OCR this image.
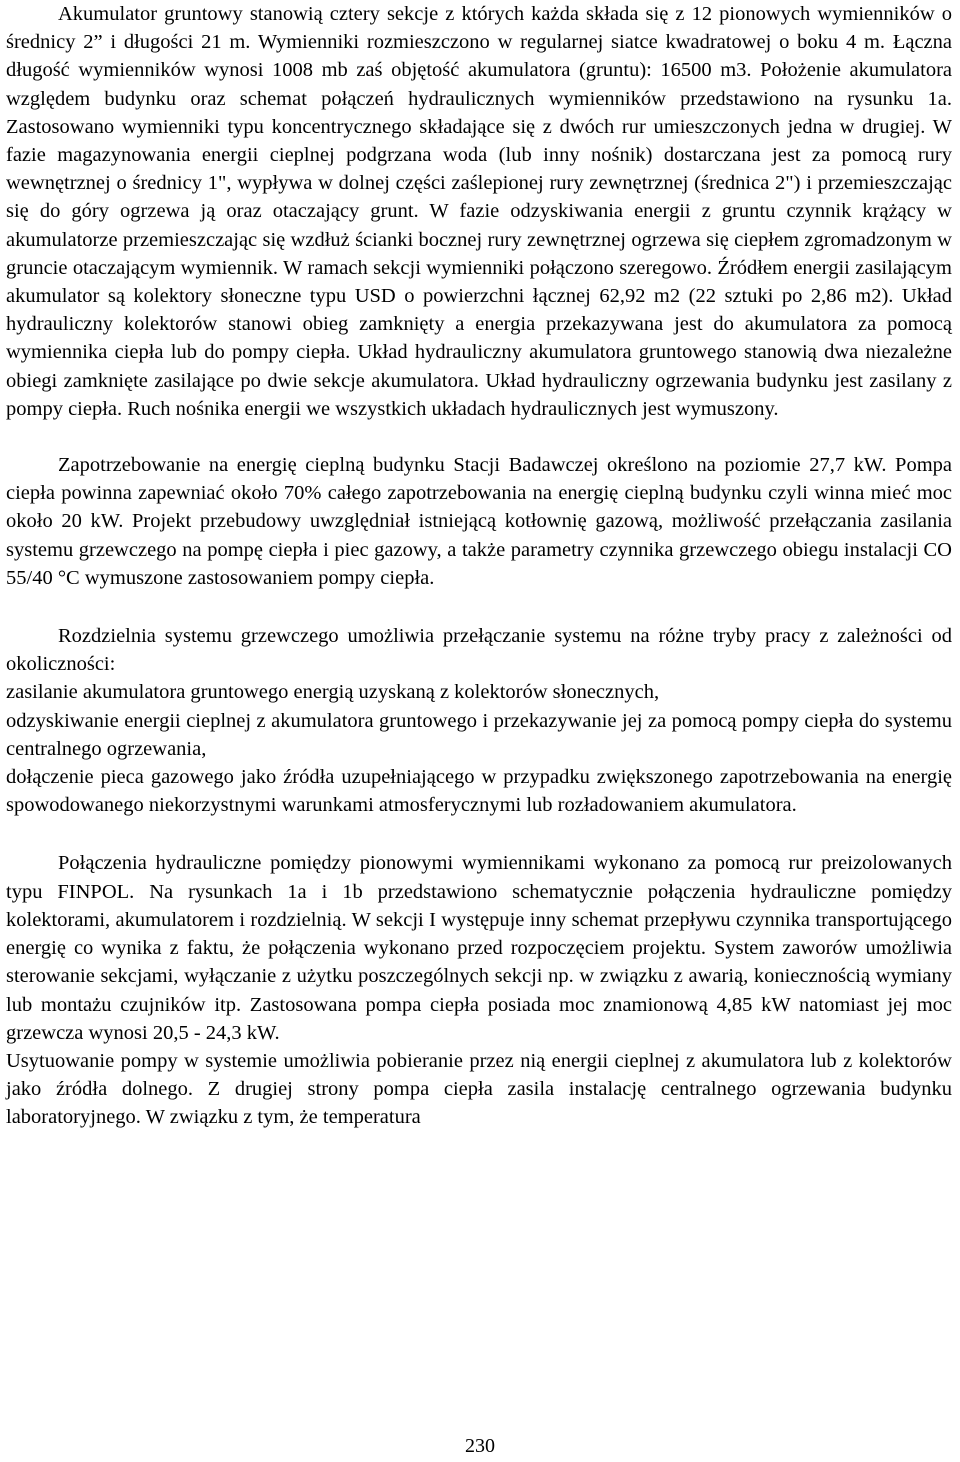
Akumulator gruntowy stanowią cztery sekcje z których każda składa się z 12 pionowych wymienników o średnicy 2” i długości 21 m. Wymienniki rozmieszczono w regularnej siatce kwadratowej o boku 4 m. Łączna długość wymienników wynosi 1008 mb zaś objętość akumulatora (gruntu): 16500 m3. Położenie akumulatora względem budynku oraz schemat połączeń hydraulicznych wymienników przedstawiono na rysunku 1a. Zastosowano wymienniki typu koncentrycznego składające się z dwóch rur umieszczonych jedna w drugiej. W fazie magazynowania energii cieplnej podgrzana woda (lub inny nośnik) dostarczana jest za pomocą rury wewnętrznej o średnicy 1", wypływa w dolnej części zaślepionej rury zewnętrznej (średnica 2") i przemieszczając się do góry ogrzewa ją oraz otaczający grunt. W fazie odzyskiwania energii z gruntu czynnik krążący w akumulatorze przemieszczając się wzdłuż ścianki bocznej rury zewnętrznej ogrzewa się ciepłem zgromadzonym w gruncie otaczającym wymiennik. W ramach sekcji wymienniki połączono szeregowo. Źródłem energii zasilającym akumulator są kolektory słoneczne typu USD o powierzchni łącznej 62,92 m2 (22 sztuki po 2,86 m2). Układ hydrauliczny kolektorów stanowi obieg zamknięty a energia przekazywana jest do akumulatora za pomocą wymiennika ciepła lub do pompy ciepła. Układ hydrauliczny akumulatora gruntowego stanowią dwa niezależne obiegi zamknięte zasilające po dwie sekcje akumulatora. Układ hydrauliczny ogrzewania budynku jest zasilany z pompy ciepła. Ruch nośnika energii we wszystkich układach hydraulicznych jest wymuszony.

Zapotrzebowanie na energię cieplną budynku Stacji Badawczej określono na poziomie 27,7 kW. Pompa ciepła powinna zapewniać około 70% całego zapotrzebowania na energię cieplną budynku czyli winna mieć moc około 20 kW. Projekt przebudowy uwzględniał istniejącą kotłownię gazową, możliwość przełączania zasilania systemu grzewczego na pompę ciepła i piec gazowy, a także parametry czynnika grzewczego obiegu instalacji CO 55/40 °C wymuszone zastosowaniem pompy ciepła.

Rozdzielnia systemu grzewczego umożliwia przełączanie systemu na różne tryby pracy z zależności od okoliczności:

zasilanie akumulatora gruntowego energią uzyskaną z kolektorów słonecznych,

odzyskiwanie energii cieplnej z akumulatora gruntowego i przekazywanie jej za pomocą pompy ciepła do systemu centralnego ogrzewania,

dołączenie pieca gazowego jako źródła uzupełniającego w przypadku zwiększonego zapotrzebowania na energię spowodowanego niekorzystnymi warunkami atmosferycznymi lub rozładowaniem akumulatora.

Połączenia hydrauliczne pomiędzy pionowymi wymiennikami wykonano za pomocą rur preizolowanych typu FINPOL. Na rysunkach 1a i 1b przedstawiono schematycznie połączenia hydrauliczne pomiędzy kolektorami, akumulatorem i rozdzielnią. W sekcji I występuje inny schemat przepływu czynnika transportującego energię co wynika z faktu, że połączenia wykonano przed rozpoczęciem projektu. System zaworów umożliwia sterowanie sekcjami, wyłączanie z użytku poszczególnych sekcji np. w związku z awarią, koniecznością wymiany lub montażu czujników itp. Zastosowana pompa ciepła posiada moc znamionową 4,85 kW natomiast jej moc grzewcza wynosi 20,5 - 24,3 kW.

Usytuowanie pompy w systemie umożliwia pobieranie przez nią energii cieplnej z akumulatora lub z kolektorów jako źródła dolnego. Z drugiej strony pompa ciepła zasila instalację centralnego ogrzewania budynku laboratoryjnego. W związku z tym, że temperatura

230
